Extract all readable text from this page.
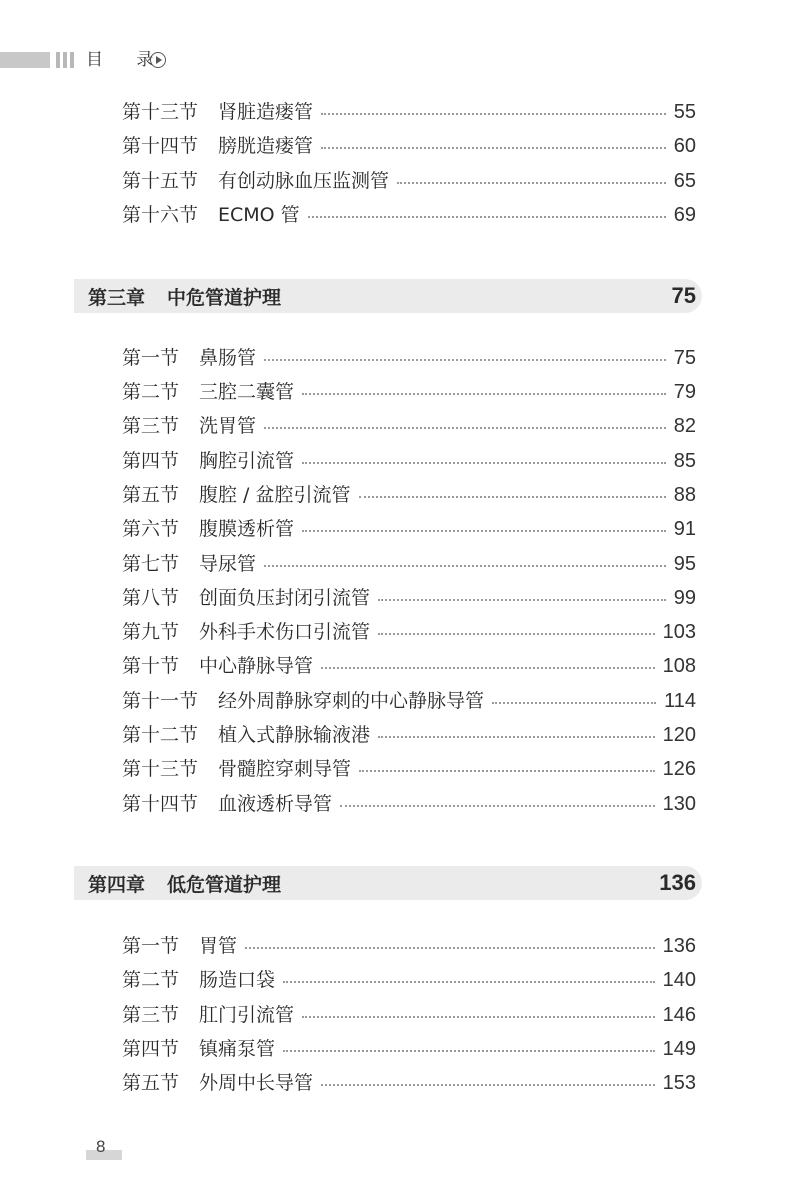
目 录
第十三节 肾脏造瘘管	55
第十四节 膀胱造瘘管	60
第十五节 有创动脉血压监测管	65
第十六节 ECMO 管	69
第三章 中危管道护理	75
第一节 鼻肠管	75
第二节 三腔二囊管	79
第三节 洗胃管	82
第四节 胸腔引流管	85
第五节 腹腔 / 盆腔引流管	88
第六节 腹膜透析管	91
第七节 导尿管	95
第八节 创面负压封闭引流管	99
第九节 外科手术伤口引流管	103
第十节 中心静脉导管	108
第十一节 经外周静脉穿刺的中心静脉导管	114
第十二节 植入式静脉输液港	120
第十三节 骨髓腔穿刺导管	126
第十四节 血液透析导管	130
第四章 低危管道护理	136
第一节 胃管	136
第二节 肠造口袋	140
第三节 肛门引流管	146
第四节 镇痛泵管	149
第五节 外周中长导管	153
8
